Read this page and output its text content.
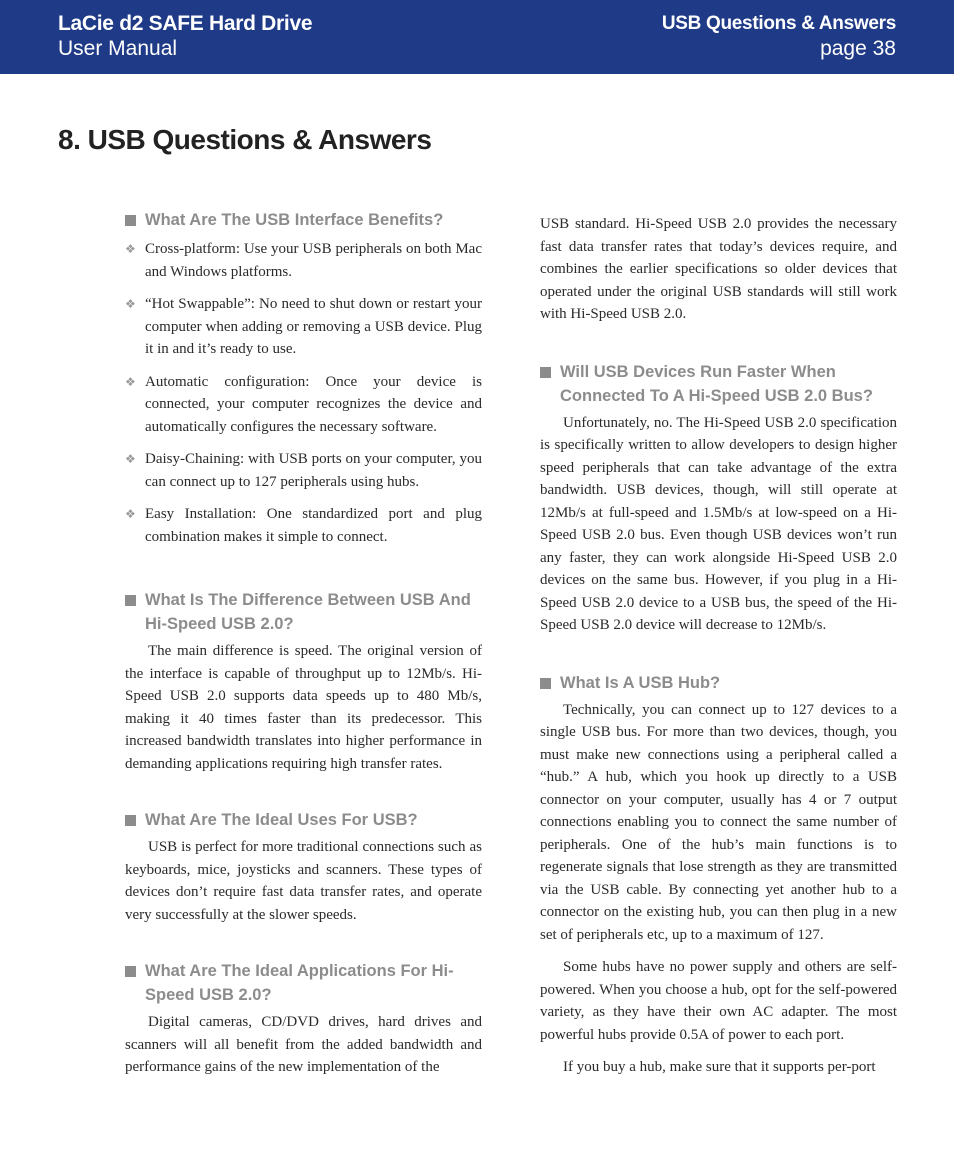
LaCie d2 SAFE Hard Drive
User Manual
USB Questions & Answers
page 38
8. USB Questions & Answers
What Are The USB Interface Benefits?
❖ Cross-platform: Use your USB peripherals on both Mac and Windows platforms.
❖ “Hot Swappable”: No need to shut down or restart your computer when adding or removing a USB device. Plug it in and it’s ready to use.
❖ Automatic configuration: Once your device is connected, your computer recognizes the device and automatically configures the necessary software.
❖ Daisy-Chaining: with USB ports on your computer, you can connect up to 127 peripherals using hubs.
❖ Easy Installation: One standardized port and plug combination makes it simple to connect.
What Is The Difference Between USB And Hi-Speed USB 2.0?

The main difference is speed. The original version of the interface is capable of throughput up to 12Mb/s. Hi-Speed USB 2.0 supports data speeds up to 480 Mb/s, making it 40 times faster than its predecessor. This increased bandwidth translates into higher performance in demanding applications requiring high transfer rates.

What Are The Ideal Uses For USB?

USB is perfect for more traditional connections such as keyboards, mice, joysticks and scanners. These types of devices don’t require fast data transfer rates, and operate very successfully at the slower speeds.

What Are The Ideal Applications For Hi-Speed USB 2.0?

Digital cameras, CD/DVD drives, hard drives and scanners will all benefit from the added bandwidth and performance gains of the new implementation of the

USB standard. Hi-Speed USB 2.0 provides the necessary fast data transfer rates that today’s devices require, and combines the earlier specifications so older devices that operated under the original USB standards will still work with Hi-Speed USB 2.0.

Will USB Devices Run Faster When Connected To A Hi-Speed USB 2.0 Bus?

Unfortunately, no. The Hi-Speed USB 2.0 specification is specifically written to allow developers to design higher speed peripherals that can take advantage of the extra bandwidth. USB devices, though, will still operate at 12Mb/s at full-speed and 1.5Mb/s at low-speed on a Hi-Speed USB 2.0 bus. Even though USB devices won’t run any faster, they can work alongside Hi-Speed USB 2.0 devices on the same bus. However, if you plug in a Hi-Speed USB 2.0 device to a USB bus, the speed of the Hi-Speed USB 2.0 device will decrease to 12Mb/s.

What Is A USB Hub?

Technically, you can connect up to 127 devices to a single USB bus. For more than two devices, though, you must make new connections using a peripheral called a “hub.” A hub, which you hook up directly to a USB connector on your computer, usually has 4 or 7 output connections enabling you to connect the same number of peripherals. One of the hub’s main functions is to regenerate signals that lose strength as they are transmitted via the USB cable. By connecting yet another hub to a connector on the existing hub, you can then plug in a new set of peripherals etc, up to a maximum of 127.

Some hubs have no power supply and others are self-powered. When you choose a hub, opt for the self-powered variety, as they have their own AC adapter. The most powerful hubs provide 0.5A of power to each port.

If you buy a hub, make sure that it supports per-port
